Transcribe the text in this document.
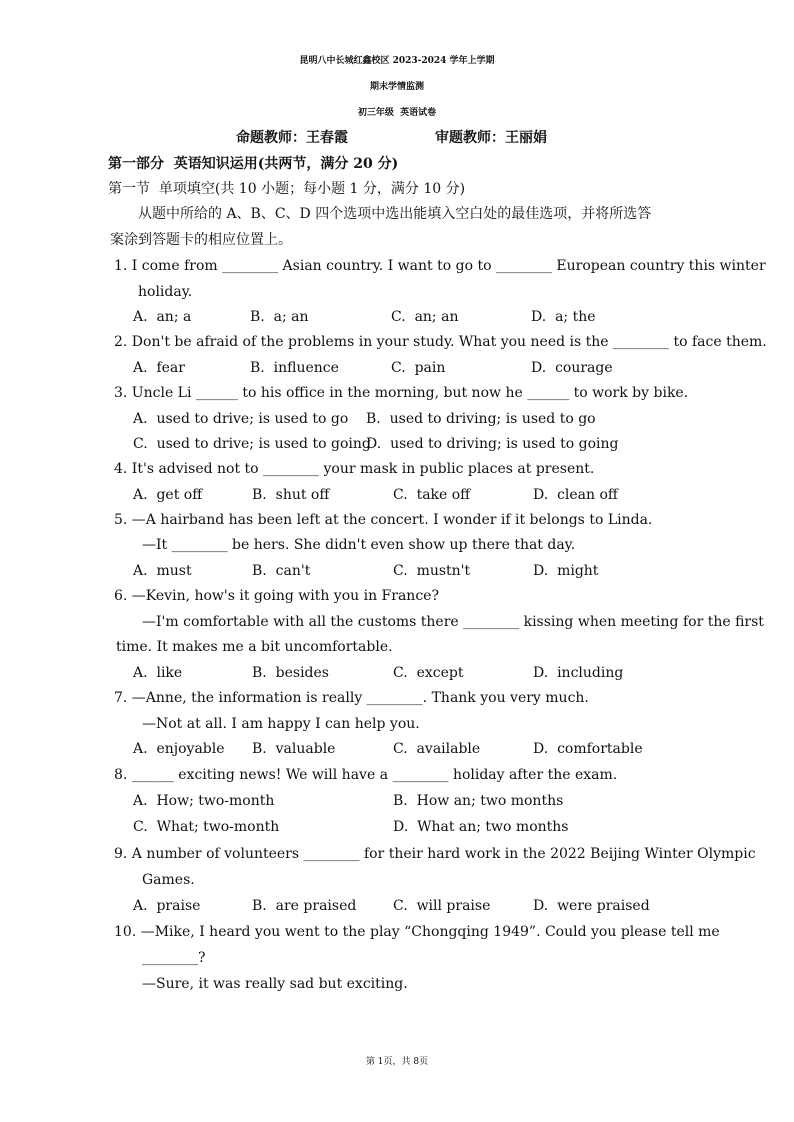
昆明八中长城红鑫校区 2023-2024 学年上学期
期末学情监测
初三年级  英语试卷
命题教师：王春霞	审题教师：王丽娟
第一部分  英语知识运用(共两节，满分 20 分)
第一节  单项填空(共 10 小题；每小题 1 分，满分 10 分)
从题中所给的 A、B、C、D 四个选项中选出能填入空白处的最佳选项，并将所选答
案涂到答题卡的相应位置上。
1. I come from ________ Asian country. I want to go to ________ European country this winter
holiday.
A.  an; a	B.  a; an	C.  an; an	D.  a; the
2. Don't be afraid of the problems in your study. What you need is the ________ to face them.
A.  fear	B.  influence	C.  pain	D.  courage
3. Uncle Li ______ to his office in the morning, but now he ______ to work by bike.
A.  used to drive; is used to go B.  used to driving; is used to go
C.  used to drive; is used to going
D.  used to driving; is used to going
4. It's advised not to ________ your mask in public places at present.
A.  get off	B.  shut off	C.  take off	D.  clean off
5. —A hairband has been left at the concert. I wonder if it belongs to Linda.
—It ________ be hers. She didn't even show up there that day.
A.  must	B.  can't	C.  mustn't	D.  might
6. —Kevin, how's it going with you in France?
—I'm comfortable with all the customs there ________ kissing when meeting for the first
time. It makes me a bit uncomfortable.
A.  like	B.  besides	C.  except	D.  including
7. —Anne, the information is really ________. Thank you very much.
—Not at all. I am happy I can help you.
A.  enjoyable B.  valuable	C.  available	D.  comfortable
8. ______ exciting news! We will have a ________ holiday after the exam.
A.  How; two-month	B.  How an; two months
C.  What; two-month	D.  What an; two months
9. A number of volunteers ________ for their hard work in the 2022 Beijing Winter Olympic
Games.
A.  praise	B.  are praised	C.  will praise	D.  were praised
10. —Mike, I heard you went to the play “Chongqing 1949”. Could you please tell me
________?
—Sure, it was really sad but exciting.
第 1页，共 8页
